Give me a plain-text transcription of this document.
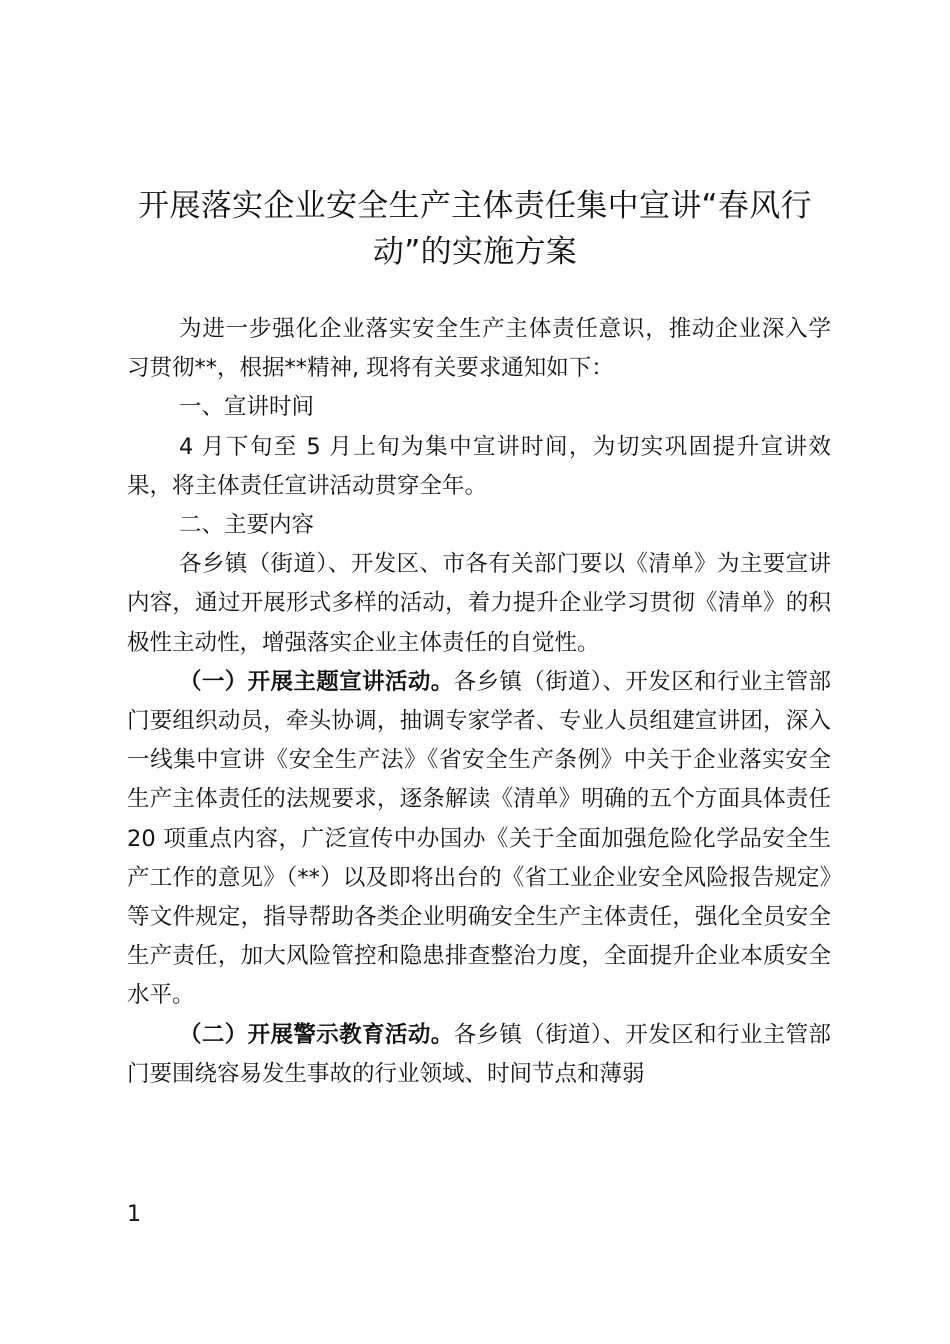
开展落实企业安全生产主体责任集中宣讲“春风行动”的实施方案

为进一步强化企业落实安全生产主体责任意识，推动企业深入学习贯彻**，根据**精神, 现将有关要求通知如下：

一、宣讲时间

4 月下旬至 5 月上旬为集中宣讲时间，为切实巩固提升宣讲效果，将主体责任宣讲活动贯穿全年。

二、主要内容

各乡镇（街道）、开发区、市各有关部门要以《清单》为主要宣讲内容，通过开展形式多样的活动，着力提升企业学习贯彻《清单》的积极性主动性，增强落实企业主体责任的自觉性。

（一）开展主题宣讲活动。各乡镇（街道）、开发区和行业主管部门要组织动员，牵头协调，抽调专家学者、专业人员组建宣讲团，深入一线集中宣讲《安全生产法》《省安全生产条例》中关于企业落实安全生产主体责任的法规要求，逐条解读《清单》明确的五个方面具体责任 20 项重点内容，广泛宣传中办国办《关于全面加强危险化学品安全生产工作的意见》（**）以及即将出台的《省工业企业安全风险报告规定》等文件规定，指导帮助各类企业明确安全生产主体责任，强化全员安全生产责任，加大风险管控和隐患排查整治力度，全面提升企业本质安全水平。

（二）开展警示教育活动。各乡镇（街道）、开发区和行业主管部门要围绕容易发生事故的行业领域、时间节点和薄弱

1
